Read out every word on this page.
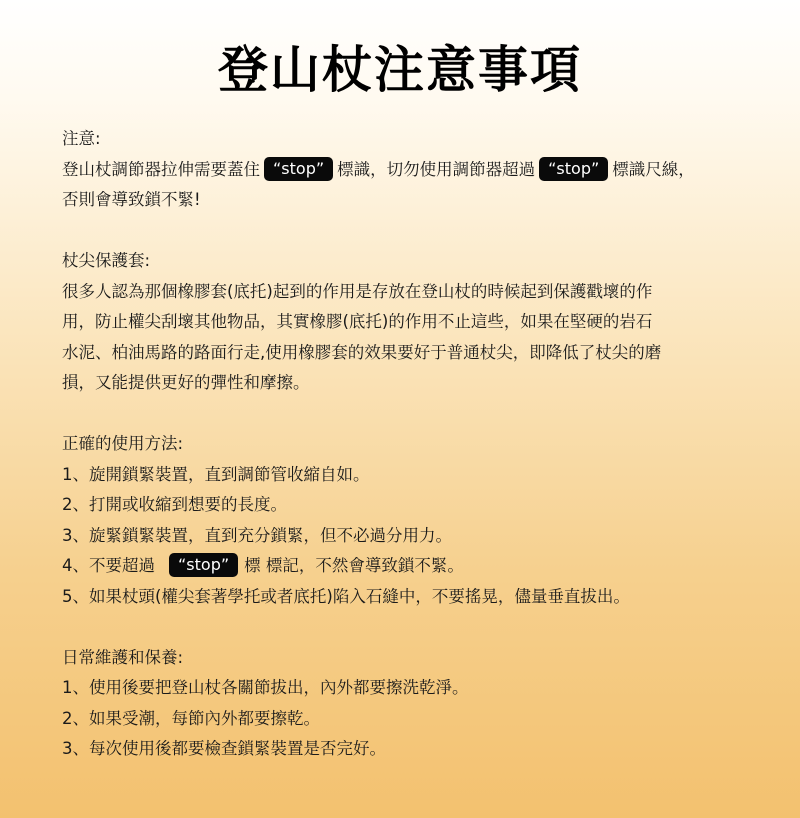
登山杖注意事項

注意:

登山杖調節器拉伸需要蓋住 “stop” 標識，切勿使用調節器超過 “stop” 標識尺線，

否則會導致鎖不緊!

杖尖保護套:

很多人認為那個橡膠套(底托)起到的作用是存放在登山杖的時候起到保護戳壞的作

用，防止權尖刮壞其他物品，其實橡膠(底托)的作用不止這些，如果在堅硬的岩石

水泥、柏油馬路的路面行走,使用橡膠套的效果要好于普通杖尖，即降低了杖尖的磨

損，又能提供更好的彈性和摩擦。

正確的使用方法:

1、旋開鎖緊裝置，直到調節管收縮自如。

2、打開或收縮到想要的長度。

3、旋緊鎖緊裝置，直到充分鎖緊，但不必過分用力。

4、不要超過 “stop” 標 標記，不然會導致鎖不緊。

5、如果杖頭(權尖套著學托或者底托)陷入石縫中，不要搖晃，儘量垂直拔出。

日常維護和保養:

1、使用後要把登山杖各關節拔出，內外都要擦洗乾淨。

2、如果受潮，每節內外都要擦乾。

3、每次使用後都要檢查鎖緊裝置是否完好。
